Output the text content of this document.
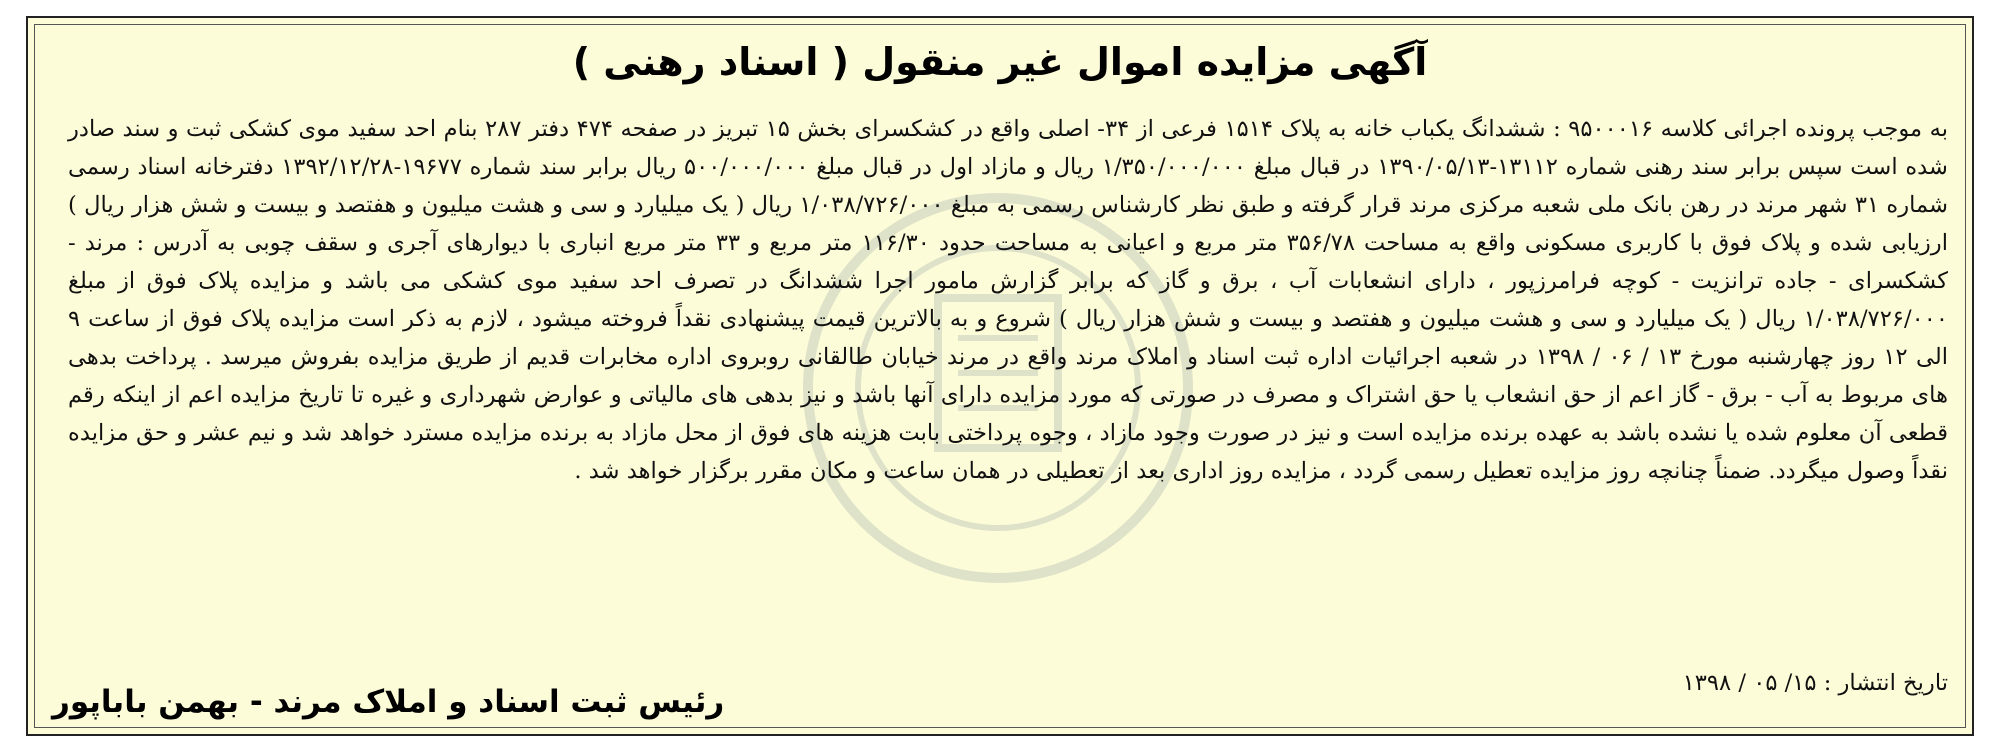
آگهی مزایده اموال غیر منقول ( اسناد رهنی )
به موجب پرونده اجرائی کلاسه ۹۵۰۰۰۱۶ : ششدانگ یکباب خانه به پلاک ۱۵۱۴ فرعی از ۳۴- اصلی واقع در کشکسرای بخش ۱۵ تبریز در صفحه ۴۷۴ دفتر ۲۸۷ بنام احد سفید موی کشکی ثبت و سند صادر شده است سپس برابر سند رهنی شماره ۱۳۱۱۲-۱۳۹۰/۰۵/۱۳ در قبال مبلغ ۱/۳۵۰/۰۰۰/۰۰۰ ریال و مازاد اول در قبال مبلغ ۵۰۰/۰۰۰/۰۰۰ ریال برابر سند شماره ۱۹۶۷۷-۱۳۹۲/۱۲/۲۸ دفترخانه اسناد رسمی شماره ۳۱ شهر مرند در رهن بانک ملی شعبه مرکزی مرند قرار گرفته و طبق نظر کارشناس رسمی به مبلغ ۱/۰۳۸/۷۲۶/۰۰۰ ریال ( یک میلیارد و سی و هشت میلیون و هفتصد و بیست و شش هزار ریال ) ارزیابی شده و پلاک فوق با کاربری مسکونی واقع به مساحت ۳۵۶/۷۸ متر مربع و اعیانی به مساحت حدود ۱۱۶/۳۰ متر مربع و ۳۳ متر مربع انباری با دیوارهای آجری و سقف چوبی به آدرس : مرند - کشکسرای - جاده ترانزیت - کوچه فرامرزپور ، دارای انشعابات آب ، برق و گاز که برابر گزارش مامور اجرا ششدانگ در تصرف احد سفید موی کشکی می باشد و مزایده پلاک فوق از مبلغ ۱/۰۳۸/۷۲۶/۰۰۰ ریال ( یک میلیارد و سی و هشت میلیون و هفتصد و بیست و شش هزار ریال ) شروع و به بالاترین قیمت پیشنهادی نقداً فروخته میشود ، لازم به ذکر است مزایده پلاک فوق از ساعت ۹ الی ۱۲ روز چهارشنبه مورخ ۱۳ / ۰۶ / ۱۳۹۸ در شعبه اجرائیات اداره ثبت اسناد و املاک مرند واقع در مرند خیابان طالقانی روبروی اداره مخابرات قدیم از طریق مزایده بفروش میرسد . پرداخت بدهی های مربوط به آب - برق - گاز اعم از حق انشعاب یا حق اشتراک و مصرف در صورتی که مورد مزایده دارای آنها باشد و نیز بدهی های مالیاتی و عوارض شهرداری و غیره تا تاریخ مزایده اعم از اینکه رقم قطعی آن معلوم شده یا نشده باشد به عهده برنده مزایده است و نیز در صورت وجود مازاد ، وجوه پرداختی بابت هزینه های فوق از محل مازاد به برنده مزایده مسترد خواهد شد و نیم عشر و حق مزایده نقداً وصول میگردد. ضمناً چنانچه روز مزایده تعطیل رسمی گردد ، مزایده روز اداری بعد از تعطیلی در همان ساعت و مکان مقرر برگزار خواهد شد .
تاریخ انتشار : ۱۵/ ۰۵ / ۱۳۹۸
رئیس ثبت اسناد و املاک مرند - بهمن باباپور
